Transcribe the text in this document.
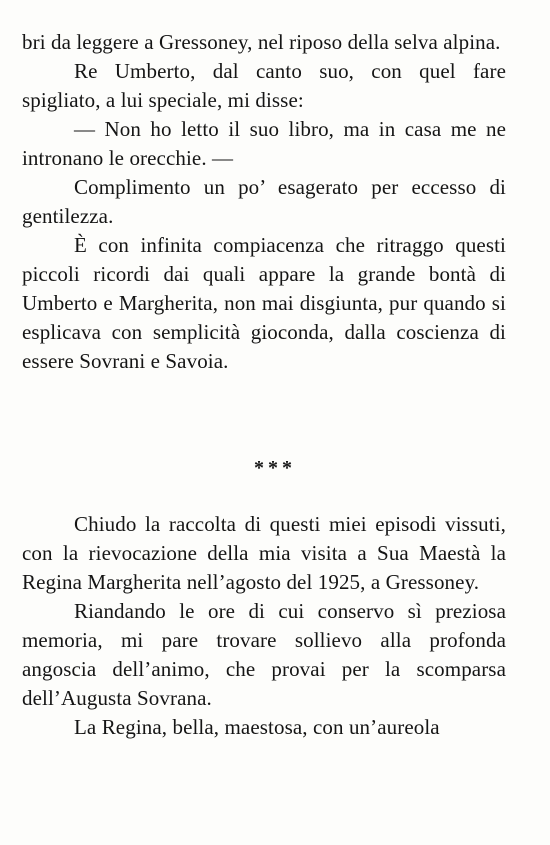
bri da leggere a Gressoney, nel riposo della selva alpina.

Re Umberto, dal canto suo, con quel fare spigliato, a lui speciale, mi disse:

— Non ho letto il suo libro, ma in casa me ne intronano le orecchie. —

Complimento un po’ esagerato per eccesso di gentilezza.

È con infinita compiacenza che ritraggo questi piccoli ricordi dai quali appare la grande bontà di Umberto e Margherita, non mai disgiunta, pur quando si esplicava con semplicità gioconda, dalla coscienza di essere Sovrani e Savoia.

***

Chiudo la raccolta di questi miei episodi vissuti, con la rievocazione della mia visita a Sua Maestà la Regina Margherita nell’agosto del 1925, a Gressoney.

Riandando le ore di cui conservo sì preziosa memoria, mi pare trovare sollievo alla profonda angoscia dell’animo, che provai per la scomparsa dell’Augusta Sovrana.

La Regina, bella, maestosa, con un’aureola
